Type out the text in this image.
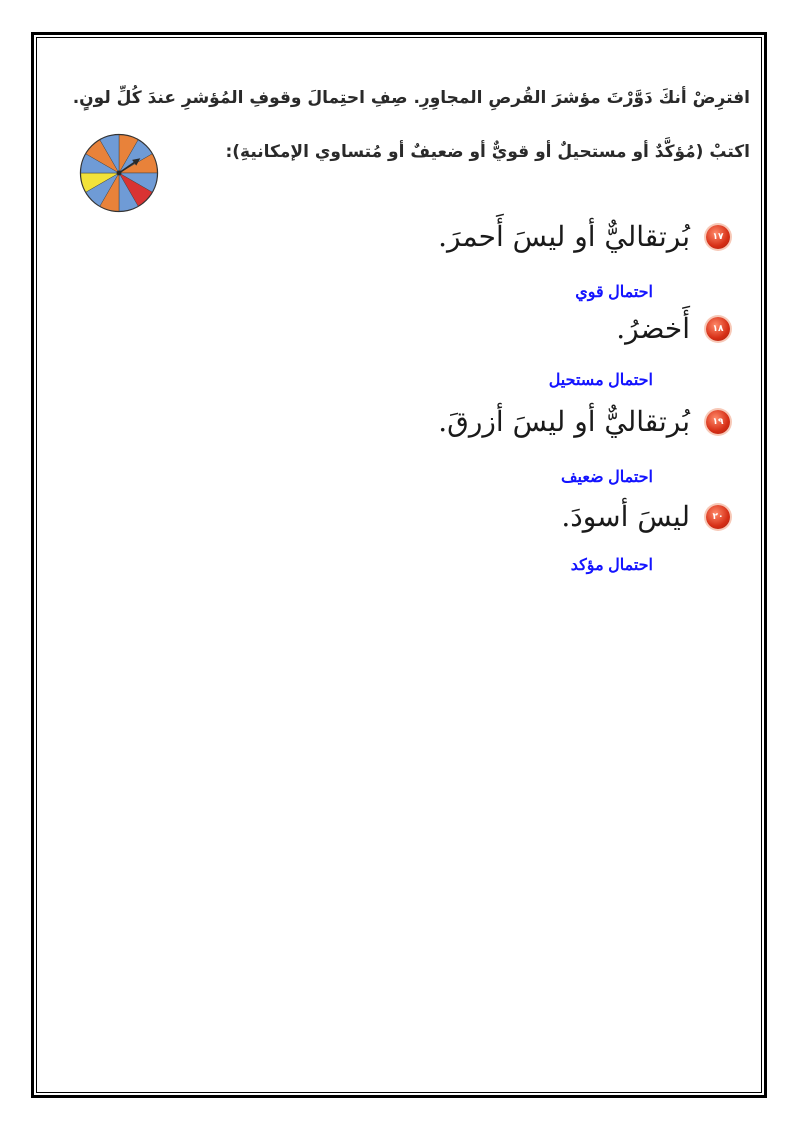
افترِضْ أنكَ دَوَّرْتَ مؤشرَ القُرصِ المجاوِرِ. صِفِ احتِمالَ وقوفِ المُؤشرِ عندَ كُلِّ لونٍ.
اكتبْ (مُؤكَّدٌ أو مستحيلٌ أو قويٌّ أو ضعيفٌ أو مُتساوي الإمكانيةِ):
١٧
بُرتقاليٌّ أو ليسَ أَحمرَ.
احتمال قوي
١٨
أَخضرُ.
احتمال مستحيل
١٩
بُرتقاليٌّ أو ليسَ أزرقَ.
احتمال ضعيف
٢٠
ليسَ أسودَ.
احتمال مؤكد
